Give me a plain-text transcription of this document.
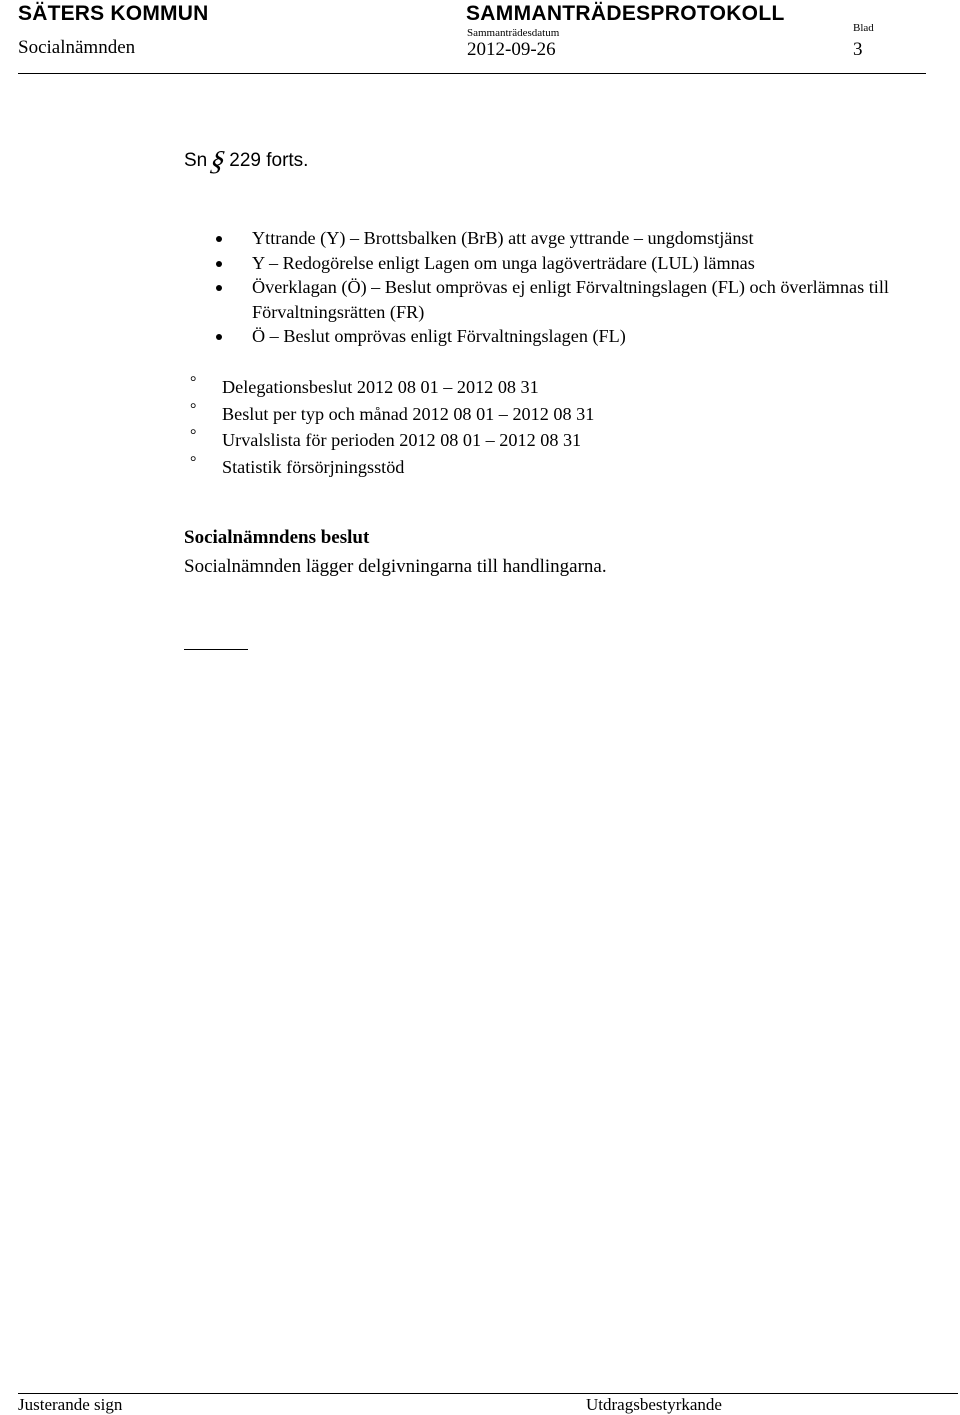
SÄTERS KOMMUN
Socialnämnden
SAMMANTRÄDESPROTOKOLL
Sammanträdesdatum
2012-09-26
Blad
3
Sn§229 forts.
Yttrande (Y) – Brottsbalken (BrB) att avge yttrande – ungdomstjänst
Y – Redogörelse enligt Lagen om unga lagöverträdare (LUL) lämnas
Överklagan (Ö) – Beslut omprövas ej enligt Förvaltningslagen (FL) och överlämnas till Förvaltningsrätten (FR)
Ö – Beslut omprövas enligt Förvaltningslagen (FL)
° Delegationsbeslut 2012 08 01 – 2012 08 31
° Beslut per typ och månad 2012 08 01 – 2012 08 31
° Urvalslista för perioden 2012 08 01 – 2012 08 31
° Statistik försörjningsstöd
Socialnämndens beslut
Socialnämnden lägger delgivningarna till handlingarna.
Justerande sign	Utdragsbestyrkande
